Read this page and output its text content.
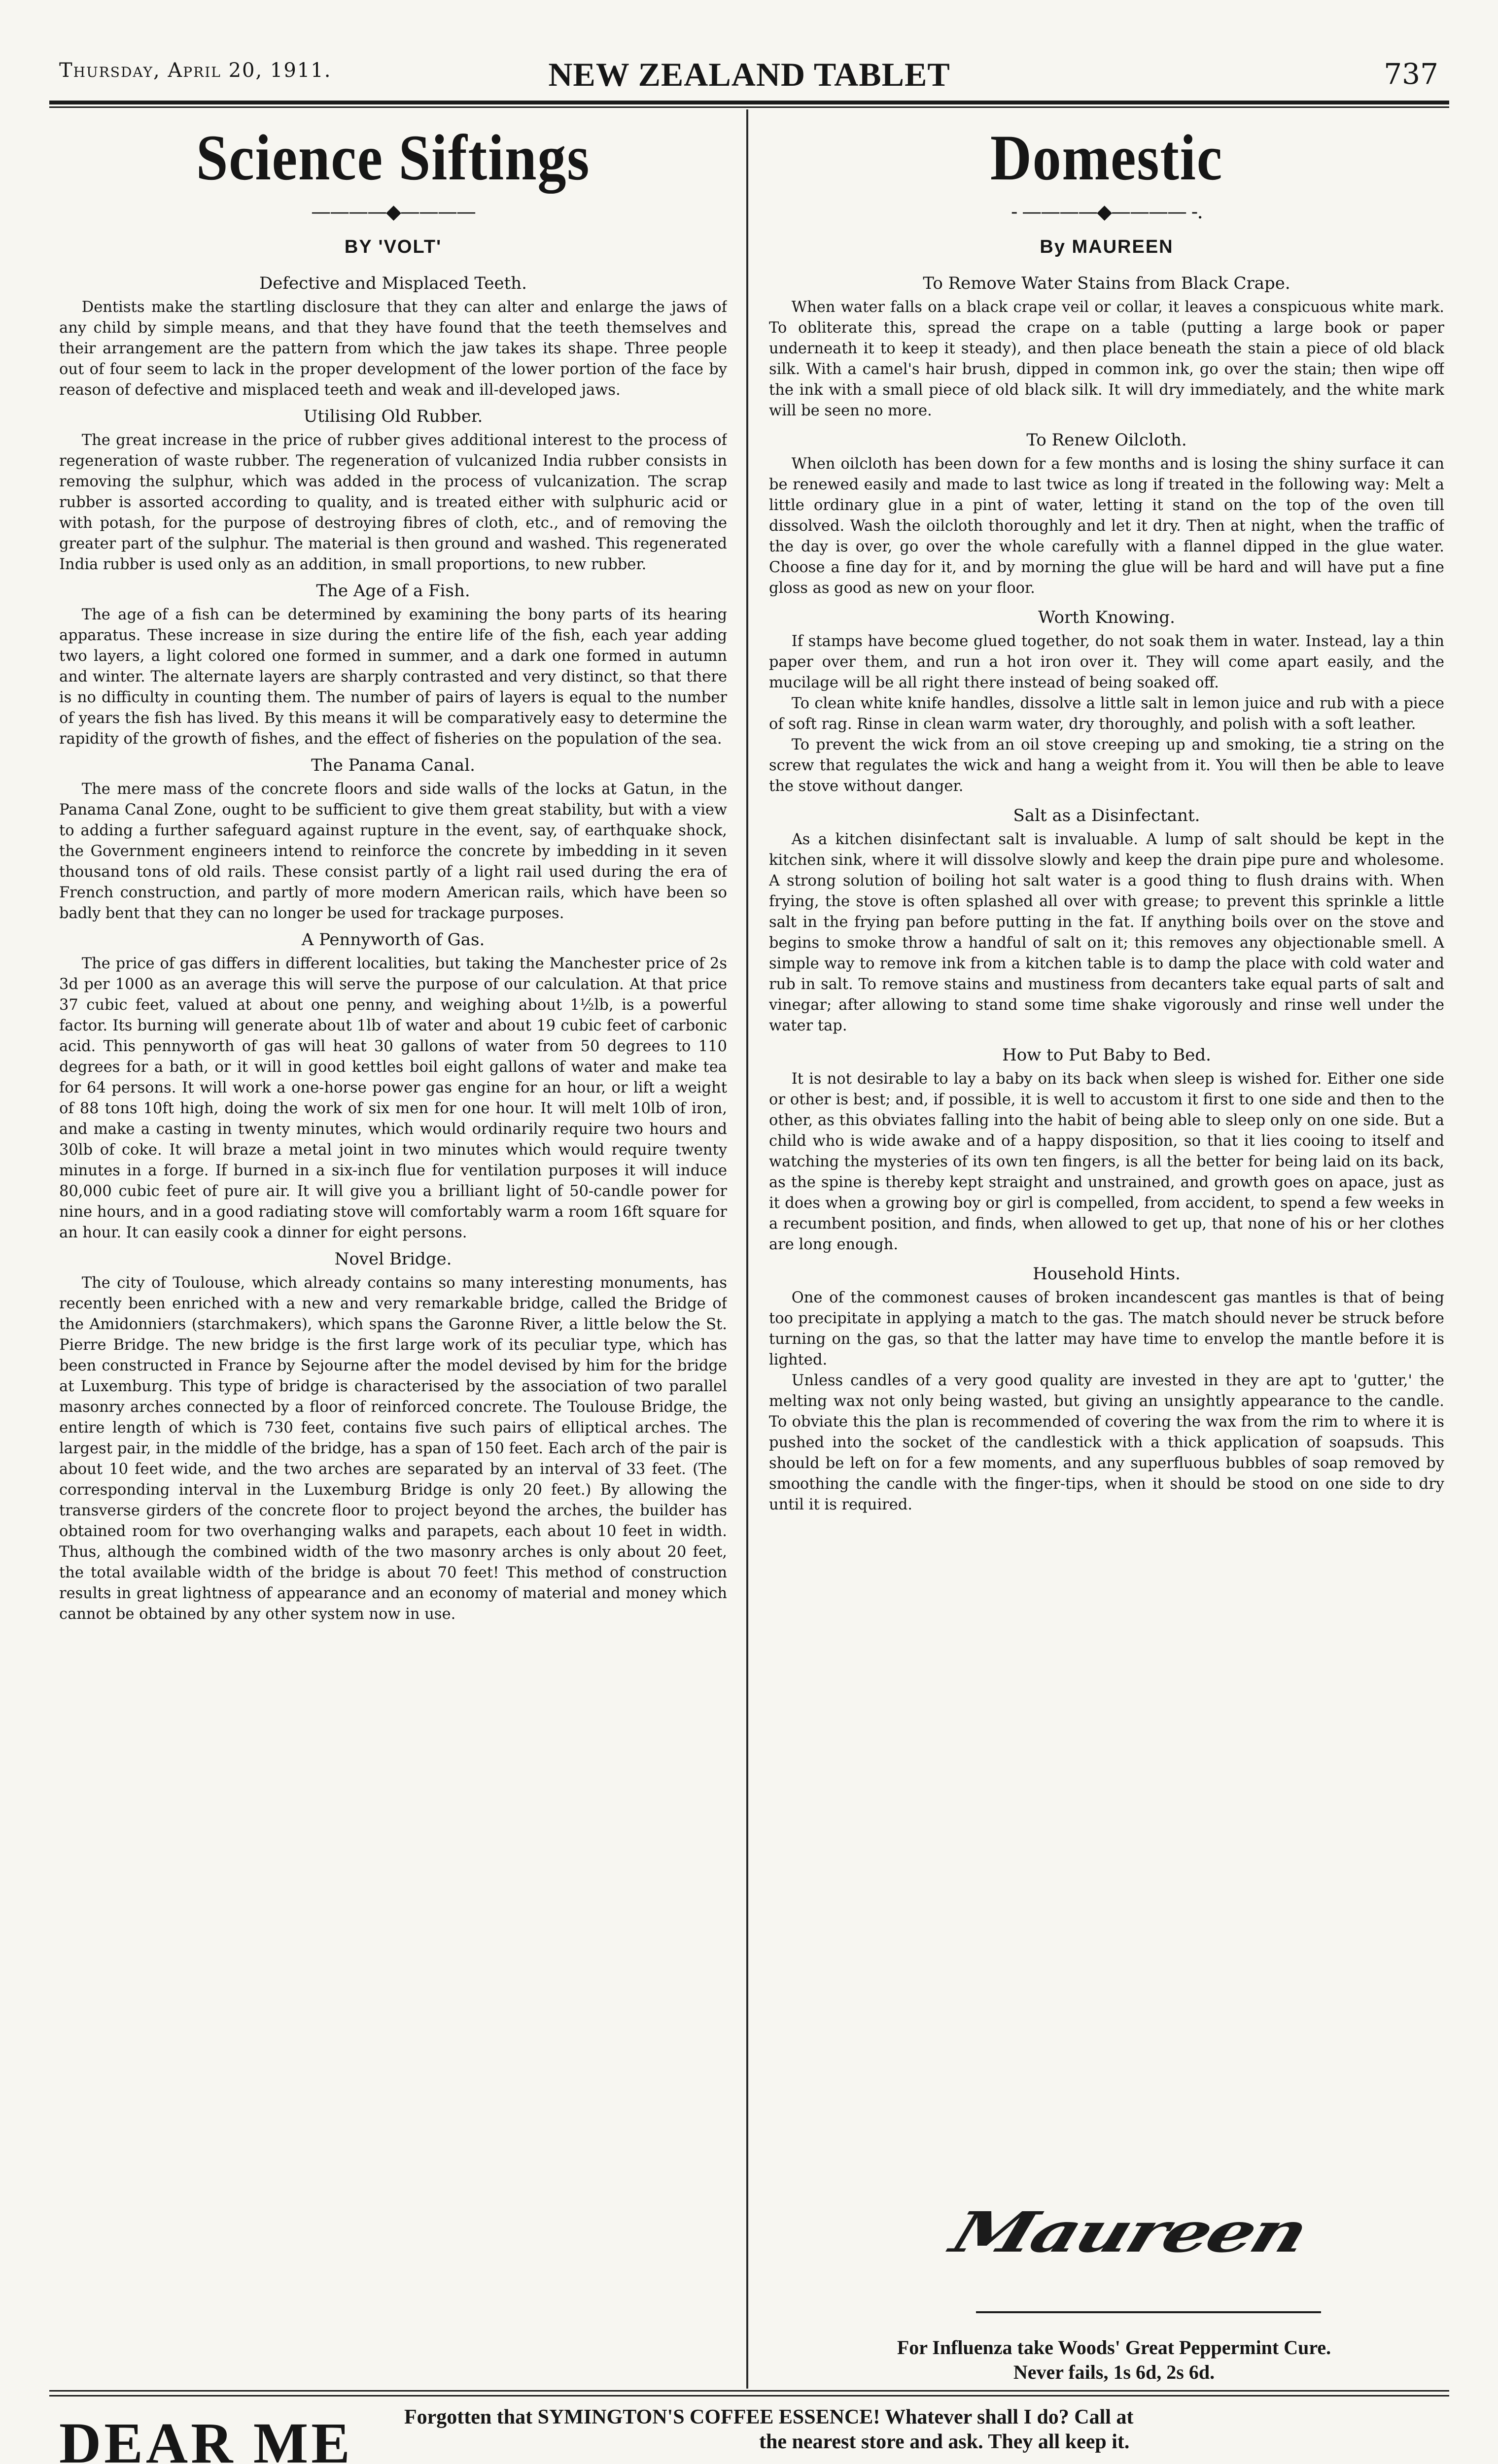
Thursday, April 20, 1911.	NEW ZEALAND TABLET	737
Science Siftings
————◆————
BY 'VOLT'
Defective and Misplaced Teeth.

Dentists make the startling disclosure that they can alter and enlarge the jaws of any child by simple means, and that they have found that the teeth themselves and their arrangement are the pattern from which the jaw takes its shape. Three people out of four seem to lack in the proper development of the lower portion of the face by reason of defective and misplaced teeth and weak and ill-developed jaws.

Utilising Old Rubber.

The great increase in the price of rubber gives additional interest to the process of regeneration of waste rubber. The regeneration of vulcanized India rubber consists in removing the sulphur, which was added in the process of vulcanization. The scrap rubber is assorted according to quality, and is treated either with sulphuric acid or with potash, for the purpose of destroying fibres of cloth, etc., and of removing the greater part of the sulphur. The material is then ground and washed. This regenerated India rubber is used only as an addition, in small proportions, to new rubber.

The Age of a Fish.

The age of a fish can be determined by examining the bony parts of its hearing apparatus. These increase in size during the entire life of the fish, each year adding two layers, a light colored one formed in summer, and a dark one formed in autumn and winter. The alternate layers are sharply contrasted and very distinct, so that there is no difficulty in counting them. The number of pairs of layers is equal to the number of years the fish has lived. By this means it will be comparatively easy to determine the rapidity of the growth of fishes, and the effect of fisheries on the population of the sea.

The Panama Canal.

The mere mass of the concrete floors and side walls of the locks at Gatun, in the Panama Canal Zone, ought to be sufficient to give them great stability, but with a view to adding a further safeguard against rupture in the event, say, of earthquake shock, the Government engineers intend to reinforce the concrete by imbedding in it seven thousand tons of old rails. These consist partly of a light rail used during the era of French construction, and partly of more modern American rails, which have been so badly bent that they can no longer be used for trackage purposes.

A Pennyworth of Gas.

The price of gas differs in different localities, but taking the Manchester price of 2s 3d per 1000 as an average this will serve the purpose of our calculation. At that price 37 cubic feet, valued at about one penny, and weighing about 1½lb, is a powerful factor. Its burning will generate about 1lb of water and about 19 cubic feet of carbonic acid. This pennyworth of gas will heat 30 gallons of water from 50 degrees to 110 degrees for a bath, or it will in good kettles boil eight gallons of water and make tea for 64 persons. It will work a one-horse power gas engine for an hour, or lift a weight of 88 tons 10ft high, doing the work of six men for one hour. It will melt 10lb of iron, and make a casting in twenty minutes, which would ordinarily require two hours and 30lb of coke. It will braze a metal joint in two minutes which would require twenty minutes in a forge. If burned in a six-inch flue for ventilation purposes it will induce 80,000 cubic feet of pure air. It will give you a brilliant light of 50-candle power for nine hours, and in a good radiating stove will comfortably warm a room 16ft square for an hour. It can easily cook a dinner for eight persons.

Novel Bridge.

The city of Toulouse, which already contains so many interesting monuments, has recently been enriched with a new and very remarkable bridge, called the Bridge of the Amidonniers (starchmakers), which spans the Garonne River, a little below the St. Pierre Bridge. The new bridge is the first large work of its peculiar type, which has been constructed in France by Sejourne after the model devised by him for the bridge at Luxemburg. This type of bridge is characterised by the association of two parallel masonry arches connected by a floor of reinforced concrete. The Toulouse Bridge, the entire length of which is 730 feet, contains five such pairs of elliptical arches. The largest pair, in the middle of the bridge, has a span of 150 feet. Each arch of the pair is about 10 feet wide, and the two arches are separated by an interval of 33 feet. (The corresponding interval in the Luxemburg Bridge is only 20 feet.) By allowing the transverse girders of the concrete floor to project beyond the arches, the builder has obtained room for two overhanging walks and parapets, each about 10 feet in width. Thus, although the combined width of the two masonry arches is only about 20 feet, the total available width of the bridge is about 70 feet! This method of construction results in great lightness of appearance and an economy of material and money which cannot be obtained by any other system now in use.

Domestic
- ————◆———— -.
By MAUREEN
To Remove Water Stains from Black Crape.

When water falls on a black crape veil or collar, it leaves a conspicuous white mark. To obliterate this, spread the crape on a table (putting a large book or paper underneath it to keep it steady), and then place beneath the stain a piece of old black silk. With a camel's hair brush, dipped in common ink, go over the stain; then wipe off the ink with a small piece of old black silk. It will dry immediately, and the white mark will be seen no more.

To Renew Oilcloth.

When oilcloth has been down for a few months and is losing the shiny surface it can be renewed easily and made to last twice as long if treated in the following way: Melt a little ordinary glue in a pint of water, letting it stand on the top of the oven till dissolved. Wash the oilcloth thoroughly and let it dry. Then at night, when the traffic of the day is over, go over the whole carefully with a flannel dipped in the glue water. Choose a fine day for it, and by morning the glue will be hard and will have put a fine gloss as good as new on your floor.

Worth Knowing.

If stamps have become glued together, do not soak them in water. Instead, lay a thin paper over them, and run a hot iron over it. They will come apart easily, and the mucilage will be all right there instead of being soaked off.

To clean white knife handles, dissolve a little salt in lemon juice and rub with a piece of soft rag. Rinse in clean warm water, dry thoroughly, and polish with a soft leather.

To prevent the wick from an oil stove creeping up and smoking, tie a string on the screw that regulates the wick and hang a weight from it. You will then be able to leave the stove without danger.

Salt as a Disinfectant.

As a kitchen disinfectant salt is invaluable. A lump of salt should be kept in the kitchen sink, where it will dissolve slowly and keep the drain pipe pure and wholesome. A strong solution of boiling hot salt water is a good thing to flush drains with. When frying, the stove is often splashed all over with grease; to prevent this sprinkle a little salt in the frying pan before putting in the fat. If anything boils over on the stove and begins to smoke throw a handful of salt on it; this removes any objectionable smell. A simple way to remove ink from a kitchen table is to damp the place with cold water and rub in salt. To remove stains and mustiness from decanters take equal parts of salt and vinegar; after allowing to stand some time shake vigorously and rinse well under the water tap.

How to Put Baby to Bed.

It is not desirable to lay a baby on its back when sleep is wished for. Either one side or other is best; and, if possible, it is well to accustom it first to one side and then to the other, as this obviates falling into the habit of being able to sleep only on one side. But a child who is wide awake and of a happy disposition, so that it lies cooing to itself and watching the mysteries of its own ten fingers, is all the better for being laid on its back, as the spine is thereby kept straight and unstrained, and growth goes on apace, just as it does when a growing boy or girl is compelled, from accident, to spend a few weeks in a recumbent position, and finds, when allowed to get up, that none of his or her clothes are long enough.

Household Hints.

One of the commonest causes of broken incandescent gas mantles is that of being too precipitate in applying a match to the gas. The match should never be struck before turning on the gas, so that the latter may have time to envelop the mantle before it is lighted.

Unless candles of a very good quality are invested in they are apt to 'gutter,' the melting wax not only being wasted, but giving an unsightly appearance to the candle. To obviate this the plan is recommended of covering the wax from the rim to where it is pushed into the socket of the candlestick with a thick application of soapsuds. This should be left on for a few moments, and any superfluous bubbles of soap removed by smoothing the candle with the finger-tips, when it should be stood on one side to dry until it is required.

Maureen
For Influenza take Woods' Great Peppermint Cure.
Never fails, 1s 6d, 2s 6d.
DEAR ME Forgotten that SYMINGTON'S COFFEE ESSENCE! Whatever shall I do? Call at
the nearest store and ask. They all keep it.
